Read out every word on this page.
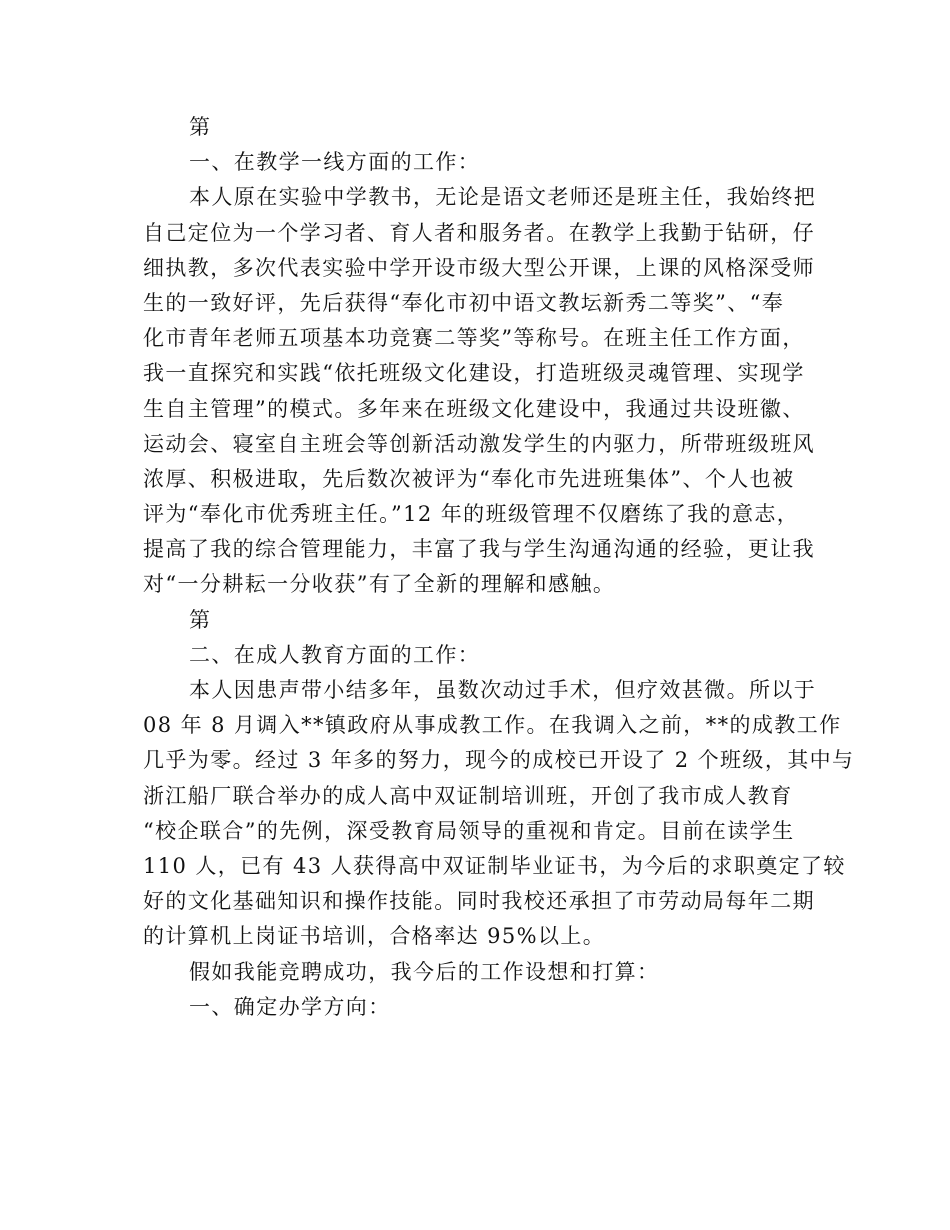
第
一、在教学一线方面的工作：
本人原在实验中学教书，无论是语文老师还是班主任，我始终把
自己定位为一个学习者、育人者和服务者。在教学上我勤于钻研，仔
细执教，多次代表实验中学开设市级大型公开课，上课的风格深受师
生的一致好评，先后获得“奉化市初中语文教坛新秀二等奖”、“奉
化市青年老师五项基本功竞赛二等奖”等称号。在班主任工作方面，
我一直探究和实践“依托班级文化建设，打造班级灵魂管理、实现学
生自主管理”的模式。多年来在班级文化建设中，我通过共设班徽、
运动会、寝室自主班会等创新活动激发学生的内驱力，所带班级班风
浓厚、积极进取，先后数次被评为“奉化市先进班集体”、个人也被
评为“奉化市优秀班主任。”12 年的班级管理不仅磨练了我的意志，
提高了我的综合管理能力，丰富了我与学生沟通沟通的经验，更让我
对“一分耕耘一分收获”有了全新的理解和感触。
第
二、在成人教育方面的工作：
本人因患声带小结多年，虽数次动过手术，但疗效甚微。所以于
08 年 8 月调入**镇政府从事成教工作。在我调入之前，**的成教工作
几乎为零。经过 3 年多的努力，现今的成校已开设了 2 个班级，其中与
浙江船厂联合举办的成人高中双证制培训班，开创了我市成人教育
“校企联合”的先例，深受教育局领导的重视和肯定。目前在读学生
110 人，已有 43 人获得高中双证制毕业证书，为今后的求职奠定了较
好的文化基础知识和操作技能。同时我校还承担了市劳动局每年二期
的计算机上岗证书培训，合格率达 95%以上。
假如我能竞聘成功，我今后的工作设想和打算：
一、确定办学方向：
